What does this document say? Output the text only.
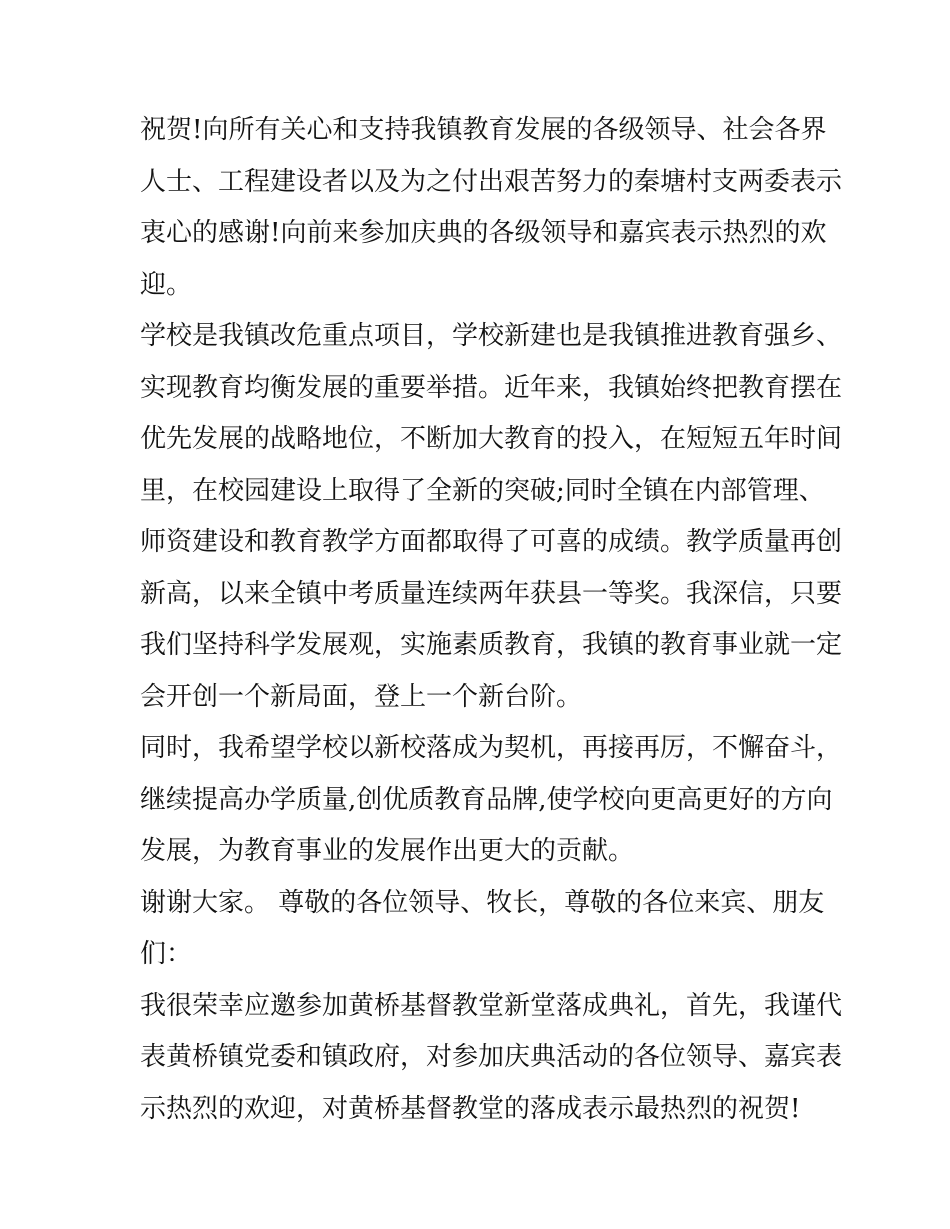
祝贺!向所有关心和支持我镇教育发展的各级领导、社会各界
人士、工程建设者以及为之付出艰苦努力的秦塘村支两委表示
衷心的感谢!向前来参加庆典的各级领导和嘉宾表示热烈的欢
迎。
学校是我镇改危重点项目，学校新建也是我镇推进教育强乡、
实现教育均衡发展的重要举措。近年来，我镇始终把教育摆在
优先发展的战略地位，不断加大教育的投入，在短短五年时间
里，在校园建设上取得了全新的突破;同时全镇在内部管理、
师资建设和教育教学方面都取得了可喜的成绩。教学质量再创
新高，以来全镇中考质量连续两年获县一等奖。我深信，只要
我们坚持科学发展观，实施素质教育，我镇的教育事业就一定
会开创一个新局面，登上一个新台阶。
同时，我希望学校以新校落成为契机，再接再厉，不懈奋斗，
继续提高办学质量,创优质教育品牌,使学校向更高更好的方向
发展，为教育事业的发展作出更大的贡献。
谢谢大家。 尊敬的各位领导、牧长，尊敬的各位来宾、朋友
们：
我很荣幸应邀参加黄桥基督教堂新堂落成典礼，首先，我谨代
表黄桥镇党委和镇政府，对参加庆典活动的各位领导、嘉宾表
示热烈的欢迎，对黄桥基督教堂的落成表示最热烈的祝贺!
